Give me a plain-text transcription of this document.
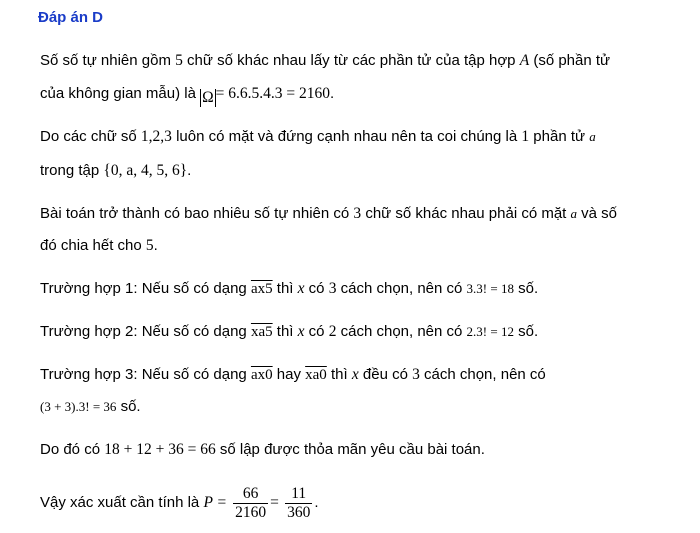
Đáp án D
Số số tự nhiên gồm 5 chữ số khác nhau lấy từ các phần tử của tập hợp A (số phần tử
của không gian mẫu) là Ω = 6.6.5.4.3 = 2160.
Do các chữ số 1,2,3 luôn có mặt và đứng cạnh nhau nên ta coi chúng là 1 phần tử a
trong tập {0, a, 4, 5, 6}.
Bài toán trở thành có bao nhiêu số tự nhiên có 3 chữ số khác nhau phải có mặt a và số
đó chia hết cho 5.
Trường hợp 1: Nếu số có dạng ax5 thì x có 3 cách chọn, nên có 3.3! = 18 số.
Trường hợp 2: Nếu số có dạng xa5 thì x có 2 cách chọn, nên có 2.3! = 12 số.
Trường hợp 3: Nếu số có dạng ax0 hay xa0 thì x đều có 3 cách chọn, nên có
(3 + 3).3! = 36 số.
Do đó có 18 + 12 + 36 = 66 số lập được thỏa mãn yêu cầu bài toán.
Vậy xác xuất cần tính là $P = \frac{66}{2160} = \frac{11}{360}$ .
